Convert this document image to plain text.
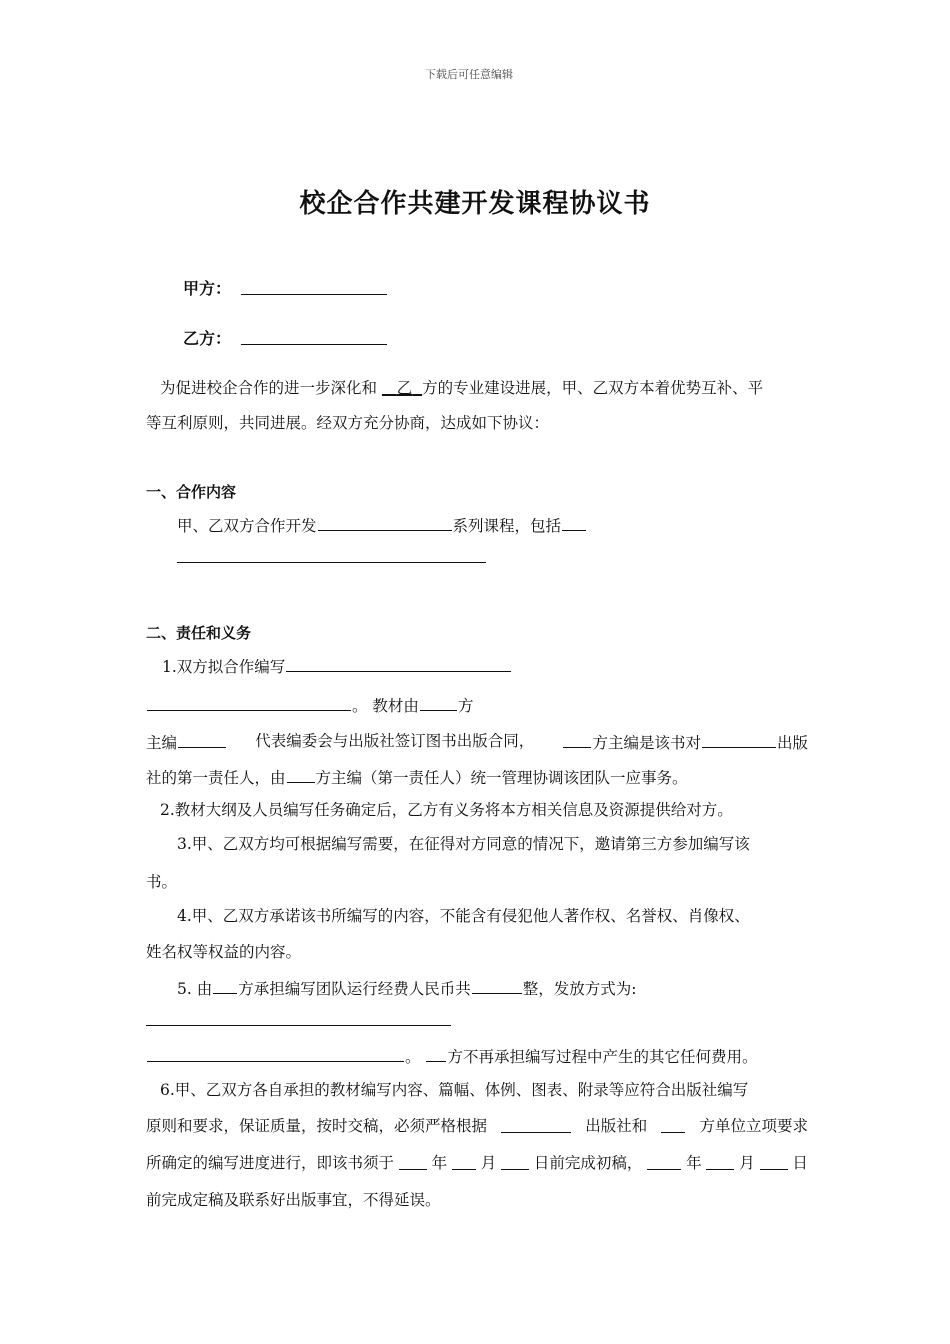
下载后可任意编辑
校企合作共建开发课程协议书
甲方：
乙方：
为促进校企合作的进一步深化和 乙 方的专业建设进展，甲、乙双方本着优势互补、平
等互利原则，共同进展。经双方充分协商，达成如下协议：
一、合作内容
甲、乙双方合作开发	系列课程，包括
二、责任和义务
1.双方拟合作编写
。 教材由	方
主编	代表编委会与出版社签订图书出版合同，	方主编是该书对	出版
社的第一责任人，由 方主编（第一责任人）统一管理协调该团队一应事务。
2.教材大纲及人员编写任务确定后，乙方有义务将本方相关信息及资源提供给对方。
3.甲、乙双方均可根据编写需要，在征得对方同意的情况下，邀请第三方参加编写该
书。
4.甲、乙双方承诺该书所编写的内容，不能含有侵犯他人著作权、名誉权、肖像权、
姓名权等权益的内容。
5. 由 方承担编写团队运行经费人民币共	整，发放方式为:
。 方不再承担编写过程中产生的其它任何费用。
6.甲、乙双方各自承担的教材编写内容、篇幅、体例、图表、附录等应符合出版社编写
原则和要求，保证质量，按时交稿，必须严格根据	出版社和	方单位立项要求
所确定的编写进度进行，即该书须于 年 月 日前完成初稿，	年 月 日
前完成定稿及联系好出版事宜，不得延误。
